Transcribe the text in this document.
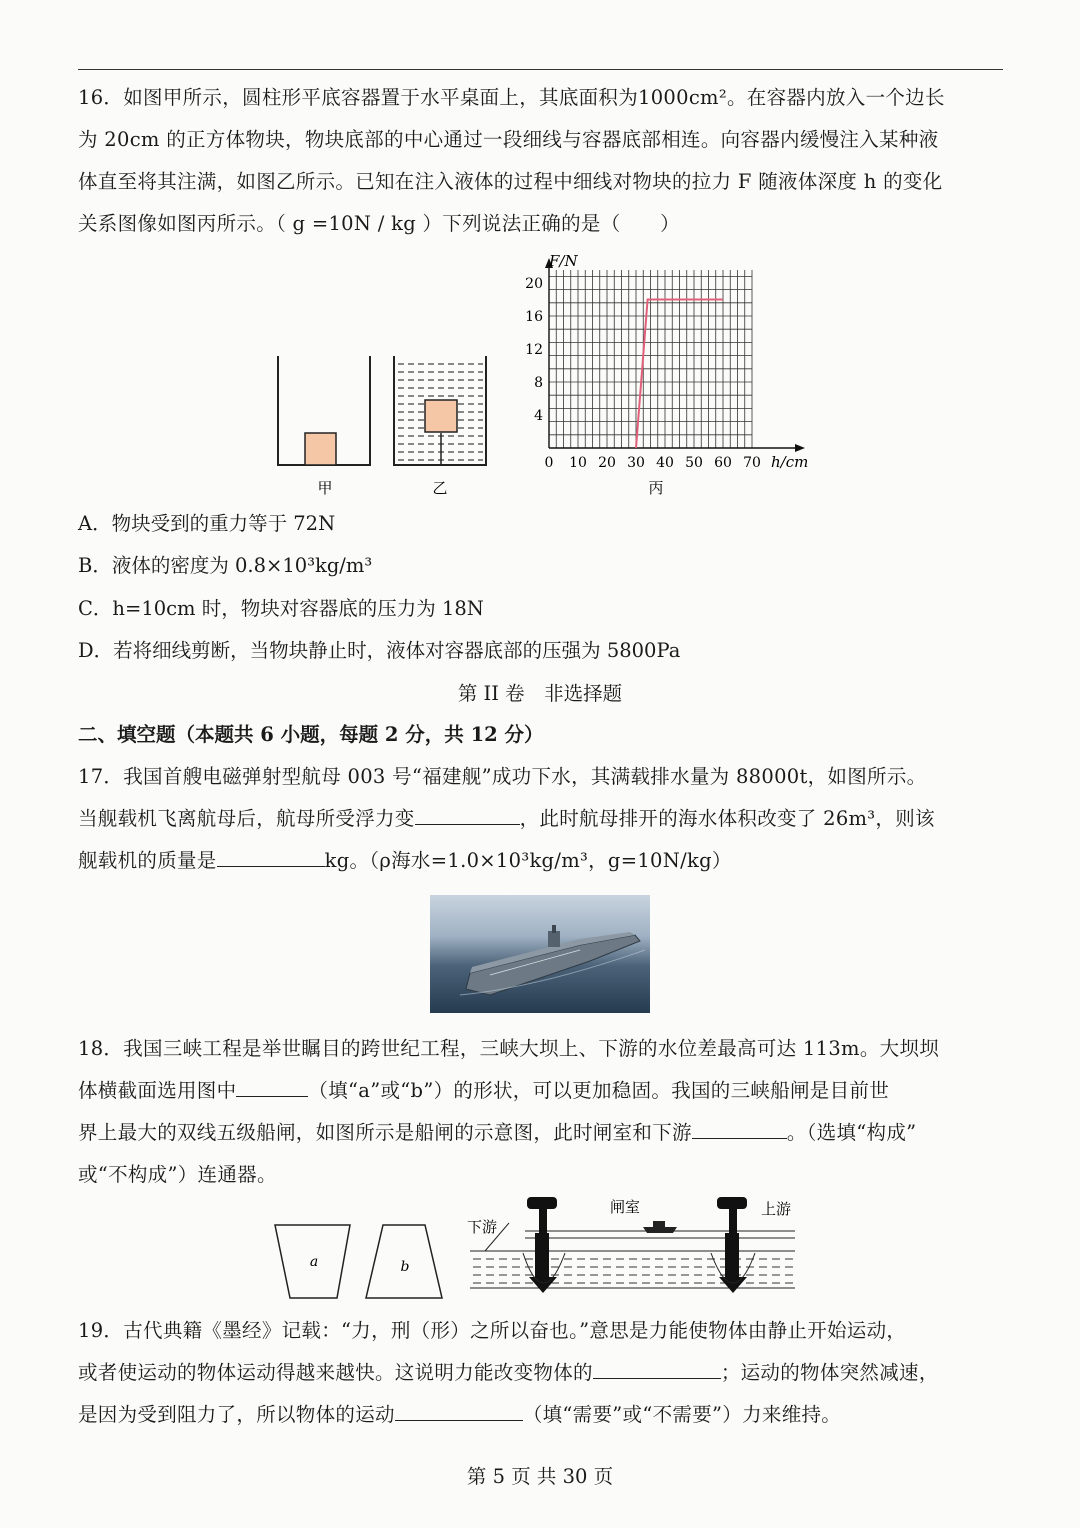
16．如图甲所示，圆柱形平底容器置于水平桌面上，其底面积为1000cm²。在容器内放入一个边长
为 20cm 的正方体物块，物块底部的中心通过一段细线与容器底部相连。向容器内缓慢注入某种液
体直至将其注满，如图乙所示。已知在注入液体的过程中细线对物块的拉力 F 随液体深度 h 的变化
关系图像如图丙所示。（ g =10N / kg ）下列说法正确的是（　　）
甲	乙
0 10 20 30 40 50 60 70
4
8
12
16
20
F/N
h/cm
丙
A．物块受到的重力等于 72N
B．液体的密度为 0.8×10³kg/m³
C．h=10cm 时，物块对容器底的压力为 18N
D．若将细线剪断，当物块静止时，液体对容器底部的压强为 5800Pa
第 II 卷　非选择题
二、填空题（本题共 6 小题，每题 2 分，共 12 分）
17．我国首艘电磁弹射型航母 003 号“福建舰”成功下水，其满载排水量为 88000t，如图所示。
当舰载机飞离航母后，航母所受浮力变	，此时航母排开的海水体积改变了 26m³，则该
舰载机的质量是	kg。（ρ海水=1.0×10³kg/m³，g=10N/kg）
18．我国三峡工程是举世瞩目的跨世纪工程，三峡大坝上、下游的水位差最高可达 113m。大坝坝
体横截面选用图中	（填“a”或“b”）的形状，可以更加稳固。我国的三峡船闸是目前世
界上最大的双线五级船闸，如图所示是船闸的示意图，此时闸室和下游	。（选填“构成”
或“不构成”）连通器。
a	b
下游
闸室	上游
19．古代典籍《墨经》记载：“力，刑（形）之所以奋也。”意思是力能使物体由静止开始运动，
或者使运动的物体运动得越来越快。这说明力能改变物体的	；运动的物体突然减速，
是因为受到阻力了，所以物体的运动	（填“需要”或“不需要”）力来维持。
第 5 页 共 30 页
